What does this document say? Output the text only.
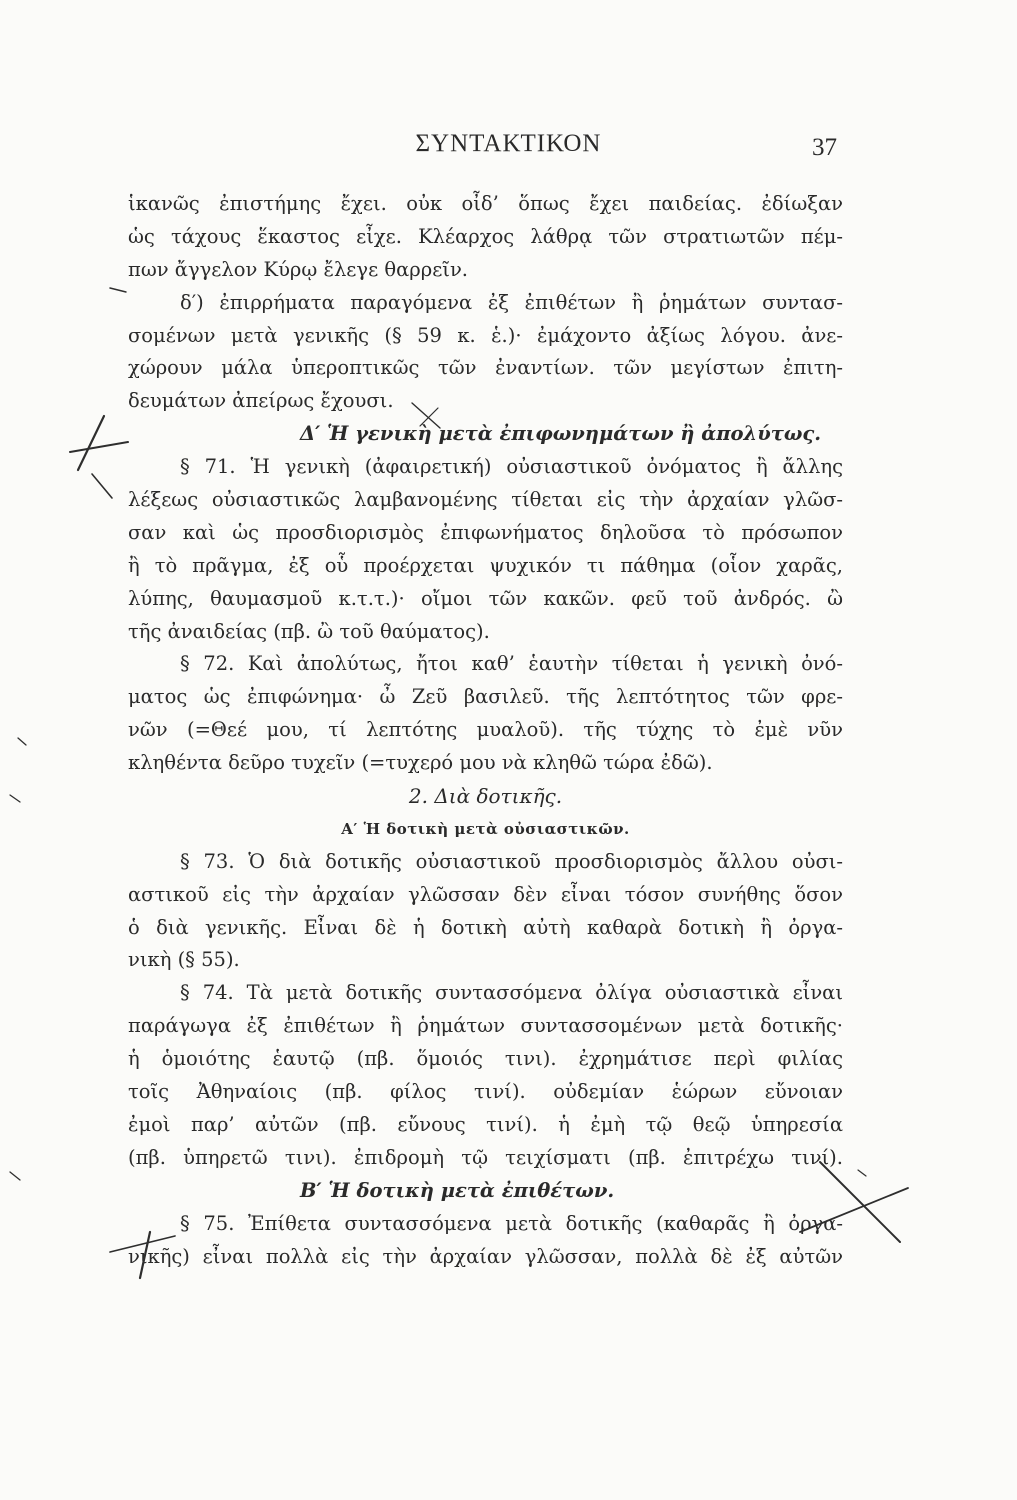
ΣΥΝΤΑΚΤΙΚΟΝ	37
ἱκανῶς ἐπιστήμης ἔχει. οὐκ οἶδ’ ὅπως ἔχει παιδείας. ἐδίωξαν
ὡς τάχους ἕκαστος εἶχε. Κλέαρχος λάθρᾳ τῶν στρατιωτῶν πέμ-
πων ἄγγελον Κύρῳ ἔλεγε θαρρεῖν.
δ′) ἐπιρρήματα παραγόμενα ἐξ ἐπιθέτων ἢ ῥημάτων συντασ-
σομένων μετὰ γενικῆς (§ 59 κ. ἑ.)· ἐμάχοντο ἀξίως λόγου. ἀνε-
χώρουν μάλα ὑπεροπτικῶς τῶν ἐναντίων. τῶν μεγίστων ἐπιτη-
δευμάτων ἀπείρως ἔχουσι.
Δ′ Ἡ γενικὴ μετὰ ἐπιφωνημάτων ἢ ἀπολύτως.
§ 71. Ἡ γενικὴ (ἀφαιρετική) οὐσιαστικοῦ ὀνόματος ἢ ἄλλης
λέξεως οὐσιαστικῶς λαμβανομένης τίθεται εἰς τὴν ἀρχαίαν γλῶσ-
σαν καὶ ὡς προσδιορισμὸς ἐπιφωνήματος δηλοῦσα τὸ πρόσωπον
ἢ τὸ πρᾶγμα, ἐξ οὗ προέρχεται ψυχικόν τι πάθημα (οἷον χαρᾶς,
λύπης, θαυμασμοῦ κ.τ.τ.)· οἴμοι τῶν κακῶν. φεῦ τοῦ ἀνδρός. ὢ
τῆς ἀναιδείας (πβ. ὢ τοῦ θαύματος).
§ 72. Καὶ ἀπολύτως, ἤτοι καθ’ ἑαυτὴν τίθεται ἡ γενικὴ ὀνό-
ματος ὡς ἐπιφώνημα· ὦ Ζεῦ βασιλεῦ. τῆς λεπτότητος τῶν φρε-
νῶν (=Θεέ μου, τί λεπτότης μυαλοῦ). τῆς τύχης τὸ ἐμὲ νῦν
κληθέντα δεῦρο τυχεῖν (=τυχερό μου νὰ κληθῶ τώρα ἐδῶ).
2. Διὰ δοτικῆς.
Α′ Ἡ δοτικὴ μετὰ οὐσιαστικῶν.
§ 73. Ὁ διὰ δοτικῆς οὐσιαστικοῦ προσδιορισμὸς ἄλλου οὐσι-
αστικοῦ εἰς τὴν ἀρχαίαν γλῶσσαν δὲν εἶναι τόσον συνήθης ὅσον
ὁ διὰ γενικῆς. Εἶναι δὲ ἡ δοτικὴ αὐτὴ καθαρὰ δοτικὴ ἢ ὀργα-
νικὴ (§ 55).
§ 74. Τὰ μετὰ δοτικῆς συντασσόμενα ὀλίγα οὐσιαστικὰ εἶναι
παράγωγα ἐξ ἐπιθέτων ἢ ῥημάτων συντασσομένων μετὰ δοτικῆς·
ἡ ὁμοιότης ἑαυτῷ (πβ. ὅμοιός τινι). ἐχρημάτισε περὶ φιλίας
τοῖς Ἀθηναίοις (πβ. φίλος τινί). οὐδεμίαν ἑώρων εὔνοιαν
ἐμοὶ παρ’ αὐτῶν (πβ. εὔνους τινί). ἡ ἐμὴ τῷ θεῷ ὑπηρεσία
(πβ. ὑπηρετῶ τινι). ἐπιδρομὴ τῷ τειχίσματι (πβ. ἐπιτρέχω τινί).
Β′ Ἡ δοτικὴ μετὰ ἐπιθέτων.
§ 75. Ἐπίθετα συντασσόμενα μετὰ δοτικῆς (καθαρᾶς ἢ ὀργα-
νικῆς) εἶναι πολλὰ εἰς τὴν ἀρχαίαν γλῶσσαν, πολλὰ δὲ ἐξ αὐτῶν
